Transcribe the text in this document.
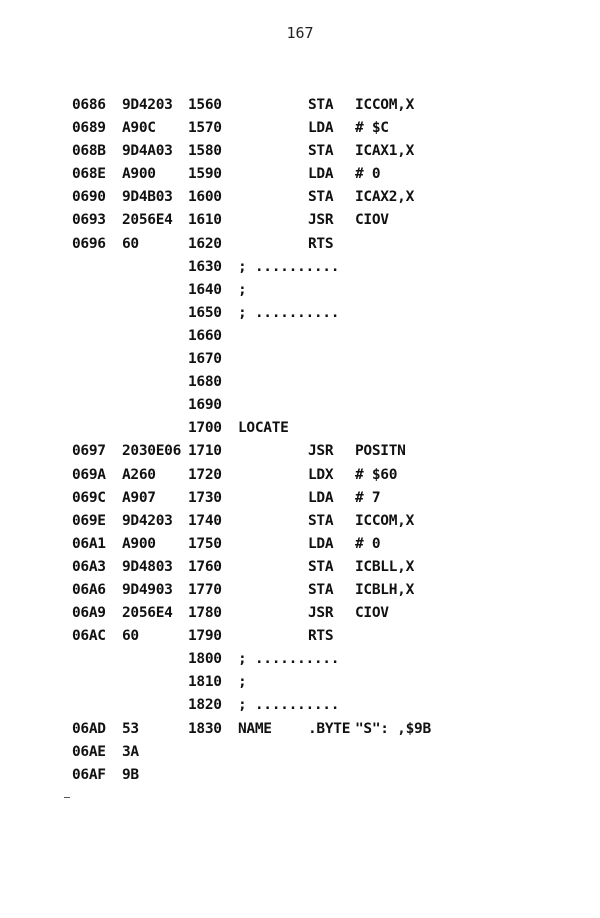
167
0686 9D4203 1560	STA ICCOM,X
0689 A90C 1570	LDA # $C
068B 9D4A03 1580	STA ICAX1,X
068E A900 1590	LDA # 0
0690 9D4B03 1600	STA ICAX2,X
0693 2056E4 1610	JSR CIOV
0696 60	1620	RTS
1630 ; ..........
1640 ;
1650 ; ..........
1660
1670
1680
1690
1700 LOCATE
0697 2030E06 1710	JSR POSITN
069A A260 1720	LDX # $60
069C A907 1730	LDA # 7
069E 9D4203 1740	STA ICCOM,X
06A1 A900 1750	LDA # 0
06A3 9D4803 1760	STA ICBLL,X
06A6 9D4903 1770	STA ICBLH,X
06A9 2056E4 1780	JSR CIOV
06AC 60	1790	RTS
1800 ; ..........
1810 ;
1820 ; ..........
06AD 53	1830 NAME	.BYTE "S": ,$9B
06AE 3A
06AF 9B
